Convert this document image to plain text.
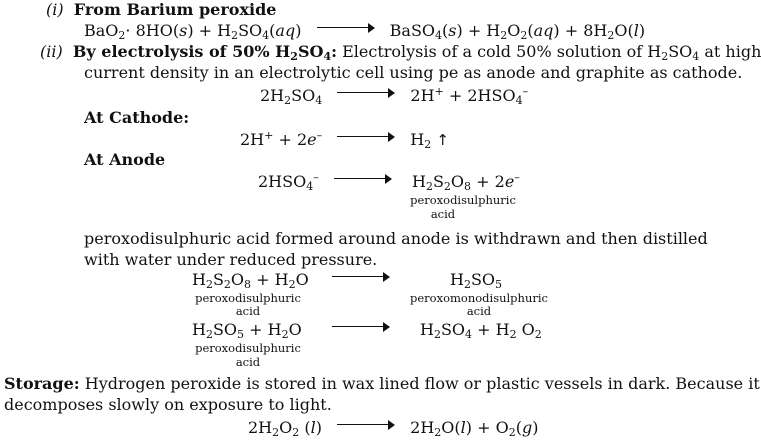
(i) From Barium peroxide
$BaO_2\cdot 8HO(s) + H_2SO_4(aq)$	BaSO$_4$(s) + $H_2O_2(aq) + 8H_2O(l)$
(ii) By electrolysis of 50% $H_2SO_4$: Electrolysis of a cold 50% solution of $H_2SO_4$ at high
current density in an electrolytic cell using pe as anode and graphite as cathode.
$2H_2SO_4$	$2H^+ + 2HSO_4^-$
At Cathode:
2H+ + 2e–	$H_2$ ↑
At Anode
$2HSO_4^-$	$H_2S_2O_8 + 2e^-$
peroxodisulphuric
acid
peroxodisulphuric acid formed around anode is withdrawn and then distilled
with water under reduced pressure.
$H_2S_2O_8 + H_2O$	$H_2SO_5$
peroxodisulphuric
acid
peroxomonodisulphuric
acid
$H_2SO_5 + H_2O$	$H_2SO_4 + H_2$ $O_2$
peroxodisulphuric
acid
Storage: Hydrogen peroxide is stored in wax lined flow or plastic vessels in dark. Because it
decomposes slowly on exposure to light.
$2H_2O_2$ (l)	$2H_2O(l) + O_2(g)$
